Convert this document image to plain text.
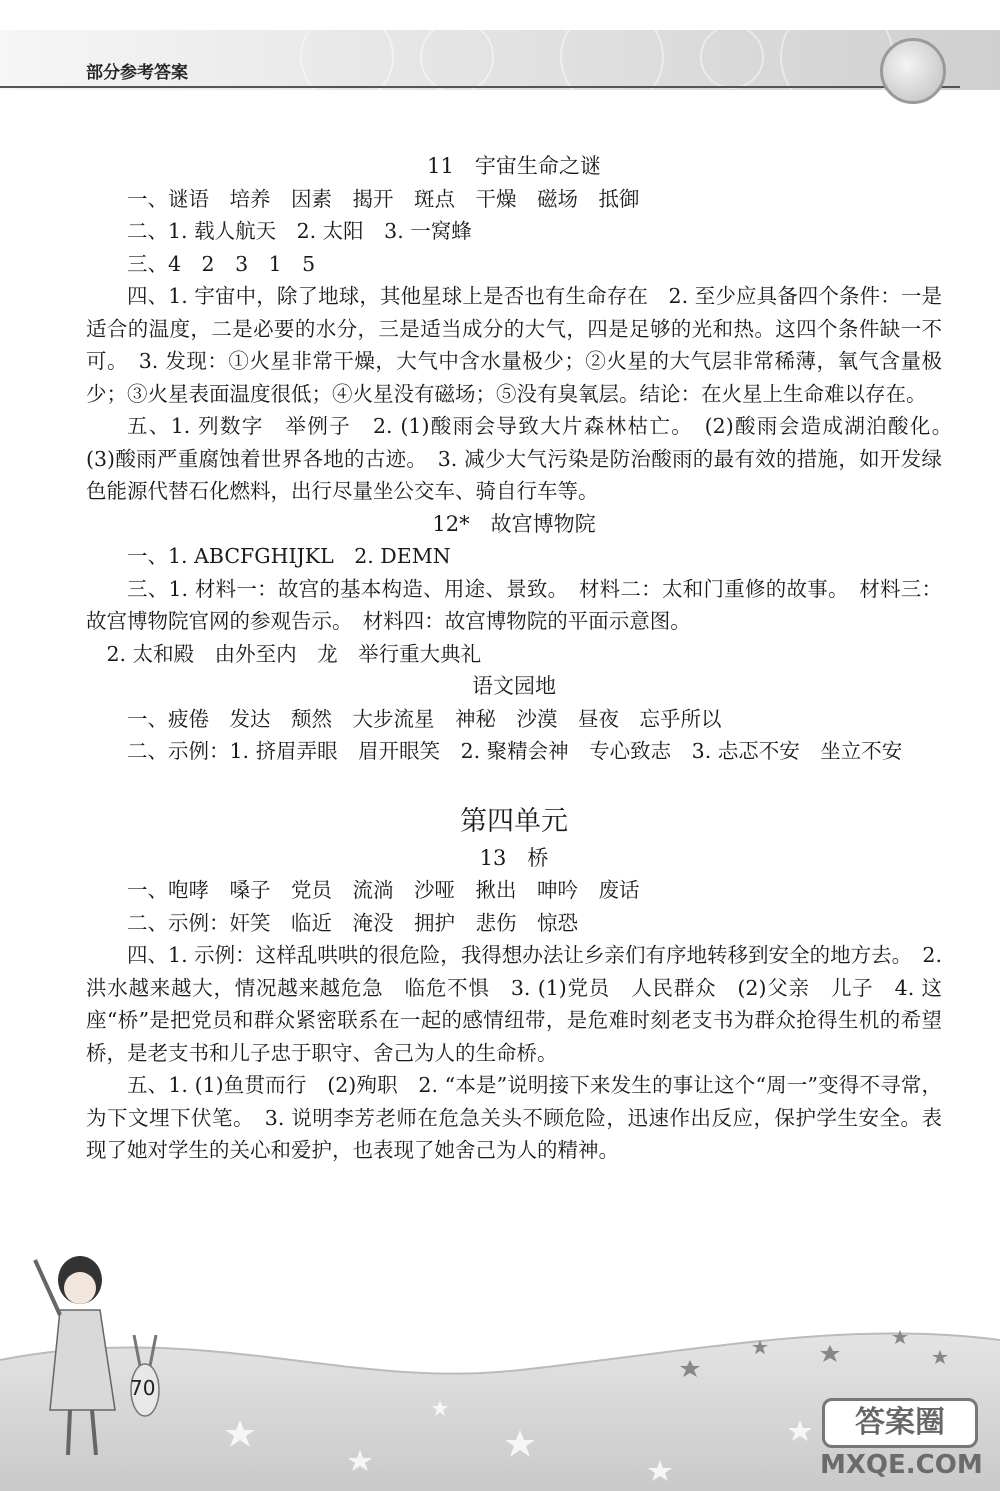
部分参考答案

11　宇宙生命之谜

一、谜语　培养　因素　揭开　斑点　干燥　磁场　抵御

二、1. 载人航天　2. 太阳　3. 一窝蜂

三、4　2　3　1　5

四、1. 宇宙中，除了地球，其他星球上是否也有生命存在　2. 至少应具备四个条件：一是适合的温度，二是必要的水分，三是适当成分的大气，四是足够的光和热。这四个条件缺一不可。　3. 发现：①火星非常干燥，大气中含水量极少；②火星的大气层非常稀薄，氧气含量极少；③火星表面温度很低；④火星没有磁场；⑤没有臭氧层。结论：在火星上生命难以存在。

五、1. 列数字　举例子　2. (1)酸雨会导致大片森林枯亡。　(2)酸雨会造成湖泊酸化。　(3)酸雨严重腐蚀着世界各地的古迹。　3. 减少大气污染是防治酸雨的最有效的措施，如开发绿色能源代替石化燃料，出行尽量坐公交车、骑自行车等。

12*　故宫博物院

一、1. ABCFGHIJKL　2. DEMN

三、1. 材料一：故宫的基本构造、用途、景致。　材料二：太和门重修的故事。　材料三：故宫博物院官网的参观告示。　材料四：故宫博物院的平面示意图。

2. 太和殿　由外至内　龙　举行重大典礼

语文园地

一、疲倦　发达　颓然　大步流星　神秘　沙漠　昼夜　忘乎所以

二、示例：1. 挤眉弄眼　眉开眼笑　2. 聚精会神　专心致志　3. 忐忑不安　坐立不安

第四单元

13　桥

一、咆哮　嗓子　党员　流淌　沙哑　揪出　呻吟　废话

二、示例：奸笑　临近　淹没　拥护　悲伤　惊恐

四、1. 示例：这样乱哄哄的很危险，我得想办法让乡亲们有序地转移到安全的地方去。　2. 洪水越来越大，情况越来越危急　临危不惧　3. (1)党员　人民群众　(2)父亲　儿子　4. 这座“桥”是把党员和群众紧密联系在一起的感情纽带，是危难时刻老支书为群众抢得生机的希望桥，是老支书和儿子忠于职守、舍己为人的生命桥。

五、1. (1)鱼贯而行　(2)殉职　2. “本是”说明接下来发生的事让这个“周一”变得不寻常，为下文埋下伏笔。　3. 说明李芳老师在危急关头不顾危险，迅速作出反应，保护学生安全。表现了她对学生的关心和爱护，也表现了她舍己为人的精神。

70
答案圈
MXQE.COM
